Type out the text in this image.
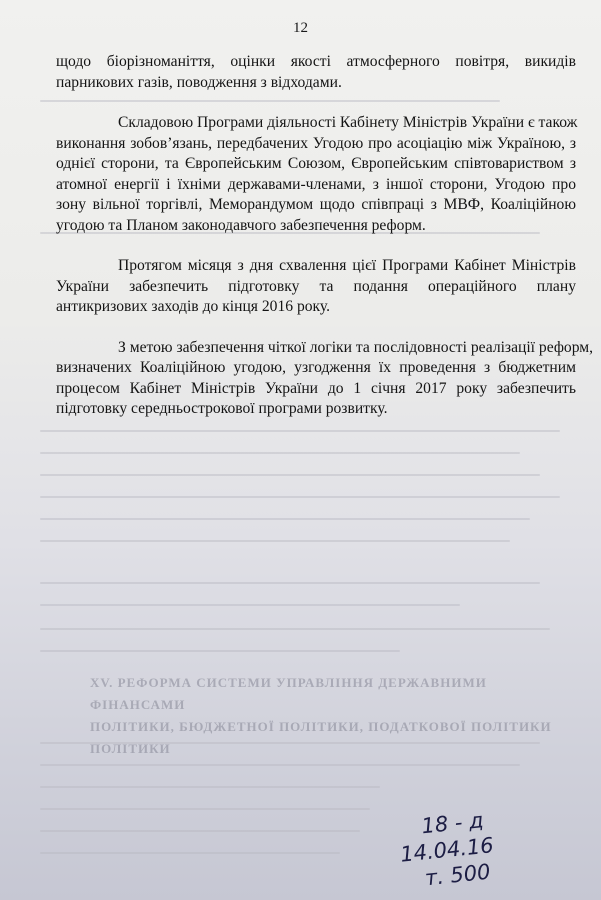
12
щодо біорізноманіття, оцінки якості атмосферного повітря, викидів
парникових газів, поводження з відходами.
Складовою Програми діяльності Кабінету Міністрів України є також
виконання зобов’язань, передбачених Угодою про асоціацію між Україною, з
однієї сторони, та Європейським Союзом, Європейським співтовариством з
атомної енергії і їхніми державами-членами, з іншої сторони, Угодою про
зону вільної торгівлі, Меморандумом щодо співпраці з МВФ, Коаліційною
угодою та Планом законодавчого забезпечення реформ.
Протягом місяця з дня схвалення цієї Програми Кабінет Міністрів
України забезпечить підготовку та подання операційного плану
антикризових заходів до кінця 2016 року.
З метою забезпечення чіткої логіки та послідовності реалізації реформ,
визначених Коаліційною угодою, узгодження їх проведення з бюджетним
процесом Кабінет Міністрів України до 1 січня 2017 року забезпечить
підготовку середньострокової програми розвитку.
XV. РЕФОРМА СИСТЕМИ УПРАВЛІННЯ ДЕРЖАВНИМИ ФІНАНСАМИ
ПОЛІТИКИ, БЮДЖЕТНОЇ ПОЛІТИКИ, ПОДАТКОВОЇ ПОЛІТИКИ
ПОЛІТИКИ
18 - д
14.04.16
т. 500
